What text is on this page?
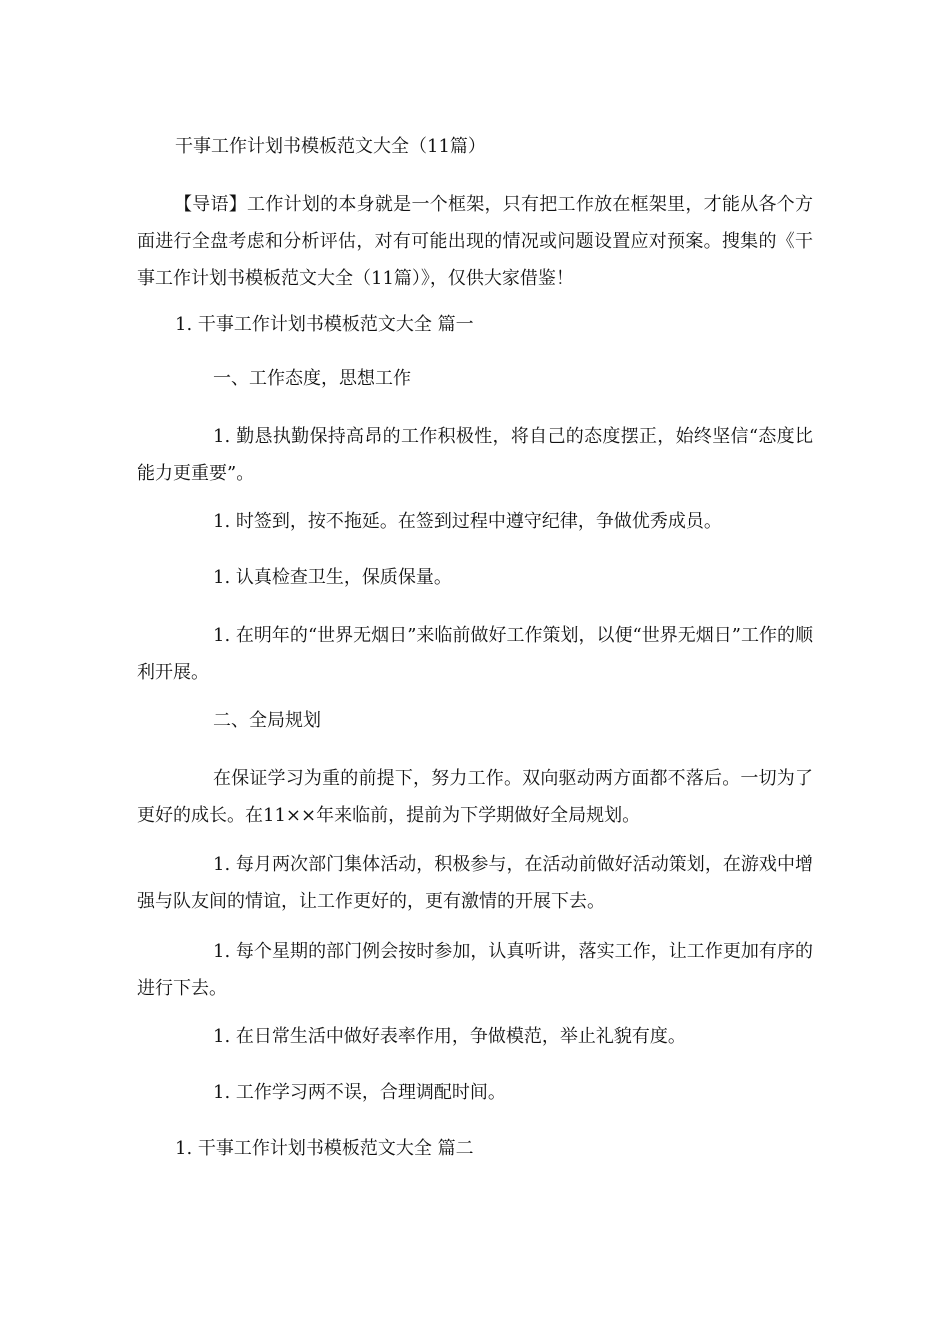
干事工作计划书模板范文大全（11篇）

【导语】工作计划的本身就是一个框架，只有把工作放在框架里，才能从各个方面进行全盘考虑和分析评估，对有可能出现的情况或问题设置应对预案。搜集的《干事工作计划书模板范文大全（11篇）》，仅供大家借鉴！

1. 干事工作计划书模板范文大全 篇一

一、工作态度，思想工作

1. 勤恳执勤保持高昂的工作积极性，将自己的态度摆正，始终坚信“态度比能力更重要”。

1. 时签到，按不拖延。在签到过程中遵守纪律，争做优秀成员。

1. 认真检查卫生，保质保量。

1. 在明年的“世界无烟日”来临前做好工作策划，以便“世界无烟日”工作的顺利开展。

二、全局规划

在保证学习为重的前提下，努力工作。双向驱动两方面都不落后。一切为了更好的成长。在11××年来临前，提前为下学期做好全局规划。

1. 每月两次部门集体活动，积极参与，在活动前做好活动策划，在游戏中增强与队友间的情谊，让工作更好的，更有激情的开展下去。

1. 每个星期的部门例会按时参加，认真听讲，落实工作，让工作更加有序的进行下去。

1. 在日常生活中做好表率作用，争做模范，举止礼貌有度。

1. 工作学习两不误，合理调配时间。

1. 干事工作计划书模板范文大全 篇二
